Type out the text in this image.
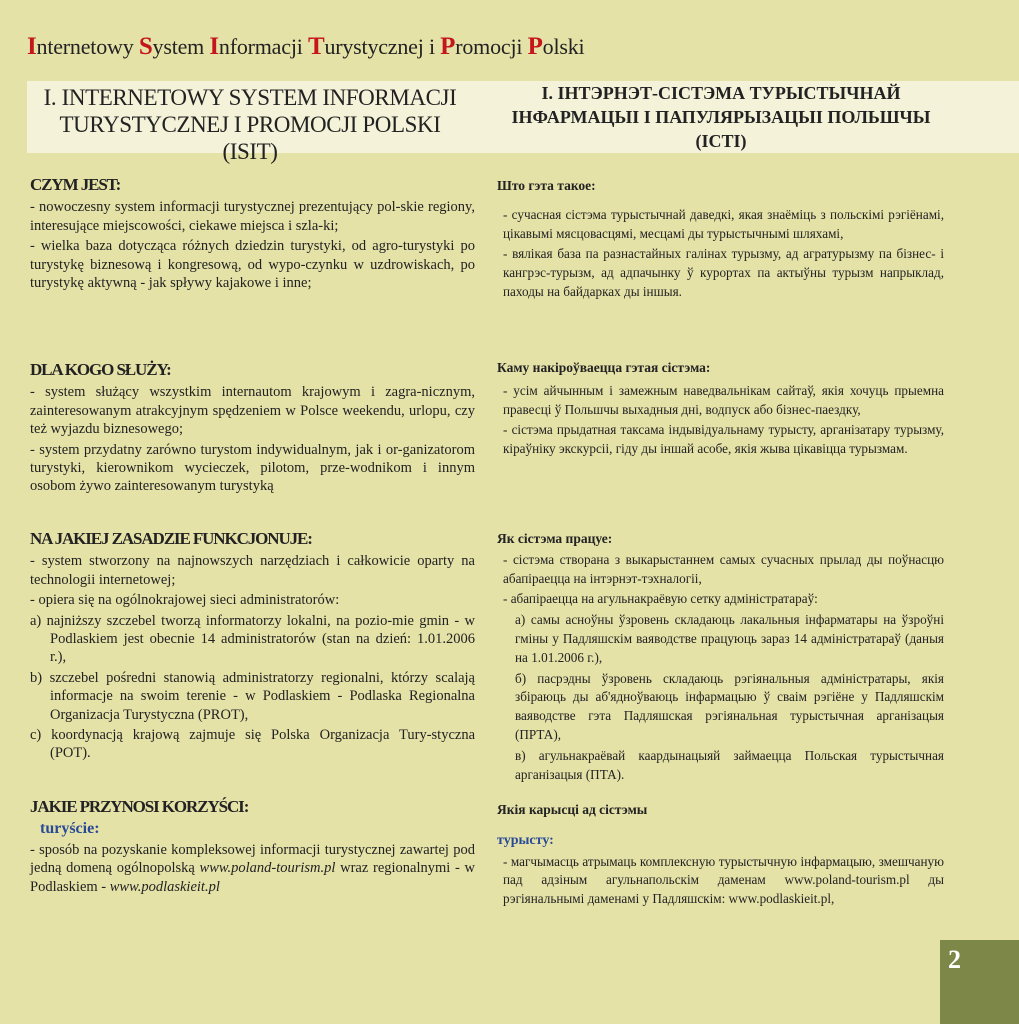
Internetowy System Informacji Turystycznej i Promocji Polski
I. INTERNETOWY SYSTEM INFORMACJI TURYSTYCZNEJ I PROMOCJI POLSKI (ISIT)
I. ІНТЭРНЭТ-СІСТЭМА ТУРЫСТЫЧНАЙ ІНФАРМАЦЫІ І ПАПУЛЯРЫЗАЦЫІ ПОЛЬШЧЫ (ІСТІ)
CZYM JEST:

- nowoczesny system informacji turystycznej prezentujący pol-skie regiony, interesujące miejscowości, ciekawe miejsca i szla-ki;

- wielka baza dotycząca różnych dziedzin turystyki, od agro-turystyki po turystykę biznesową i kongresową, od wypo-czynku w uzdrowiskach, po turystykę aktywną - jak spływy kajakowe i inne;

DLA KOGO SŁUŻY:

- system służący wszystkim internautom krajowym i zagra-nicznym, zainteresowanym atrakcyjnym spędzeniem w Polsce weekendu, urlopu, czy też wyjazdu biznesowego;

- system przydatny zarówno turystom indywidualnym, jak i or-ganizatorom turystyki, kierownikom wycieczek, pilotom, prze-wodnikom i innym osobom żywo zainteresowanym turystyką

NA JAKIEJ ZASADZIE FUNKCJONUJE:

- system stworzony na najnowszych narzędziach i całkowicie oparty na technologii internetowej;

- opiera się na ogólnokrajowej sieci administratorów:

a) najniższy szczebel tworzą informatorzy lokalni, na pozio-mie gmin - w Podlaskiem jest obecnie 14 administratorów (stan na dzień: 1.01.2006 r.),

b) szczebel pośredni stanowią administratorzy regionalni, którzy scalają informacje na swoim terenie - w Podlaskiem - Podlaska Regionalna Organizacja Turystyczna (PROT),

c) koordynacją krajową zajmuje się Polska Organizacja Tury-styczna (POT).

JAKIE PRZYNOSI KORZYŚCI:
turyście:

- sposób na pozyskanie kompleksowej informacji turystycznej zawartej pod jedną domeną ogólnopolską www.poland-tourism.pl wraz regionalnymi - w Podlaskiem - www.podlaskieit.pl

Што гэта такое:

- сучасная сістэма турыстычнай даведкі, якая знаёміць з польскімі рэгіёнамі, цікавымі мясцовасцямі, месцамі ды турыстычнымі шляхамі,

- вялікая база па разнастайных галінах турызму, ад агратурызму па бізнес- і кангрэс-турызм, ад адпачынку ў курортах па актыўны турызм напрыклад, паходы на байдарках ды іншыя.

Каму накіроўваецца гэтая сістэма:

- усім айчынным і замежным наведвальнікам сайтаў, якія хочуць прыемна правесці ў Польшчы выхадныя дні, водпуск або бізнес-паездку,

- сістэма прыдатная таксама індывідуальнаму турысту, арганізатару турызму, кіраўніку экскурсіі, гіду ды іншай асобе, якія жыва цікавіцца турызмам.

Як сістэма працуе:

- сістэма створана з выкарыстаннем самых сучасных прылад ды поўнасцю абапіраецца на інтэрнэт-тэхналогіі,

- абапіраецца на агульнакраёвую сетку адміністратараў:

а) самы асноўны ўзровень складаюць лакальныя інфарматары на ўзроўні гміны у Падляшскім ваяводстве працуюць зараз 14 адміністратараў (даныя на 1.01.2006 г.),

б) пасрэдны ўзровень складаюць рэгіянальныя адміністратары, якія збіраюць ды аб'ядноўваюць інфармацыю ў сваім рэгіёне у Падляшскім ваяводстве гэта Падляшская рэгіянальная турыстычная арганізацыя (ПРТА),

в) агульнакраёвай каардынацыяй займаецца Польская турыстычная арганізацыя (ПТА).

Якія карысці ад сістэмы
турысту:

- магчымасць атрымаць комплексную турыстычную інфармацыю, змешчаную пад адзіным агульнапольскім даменам www.poland-tourism.pl ды рэгіянальнымі даменамі у Падляшскім: www.podlaskieit.pl,

2
